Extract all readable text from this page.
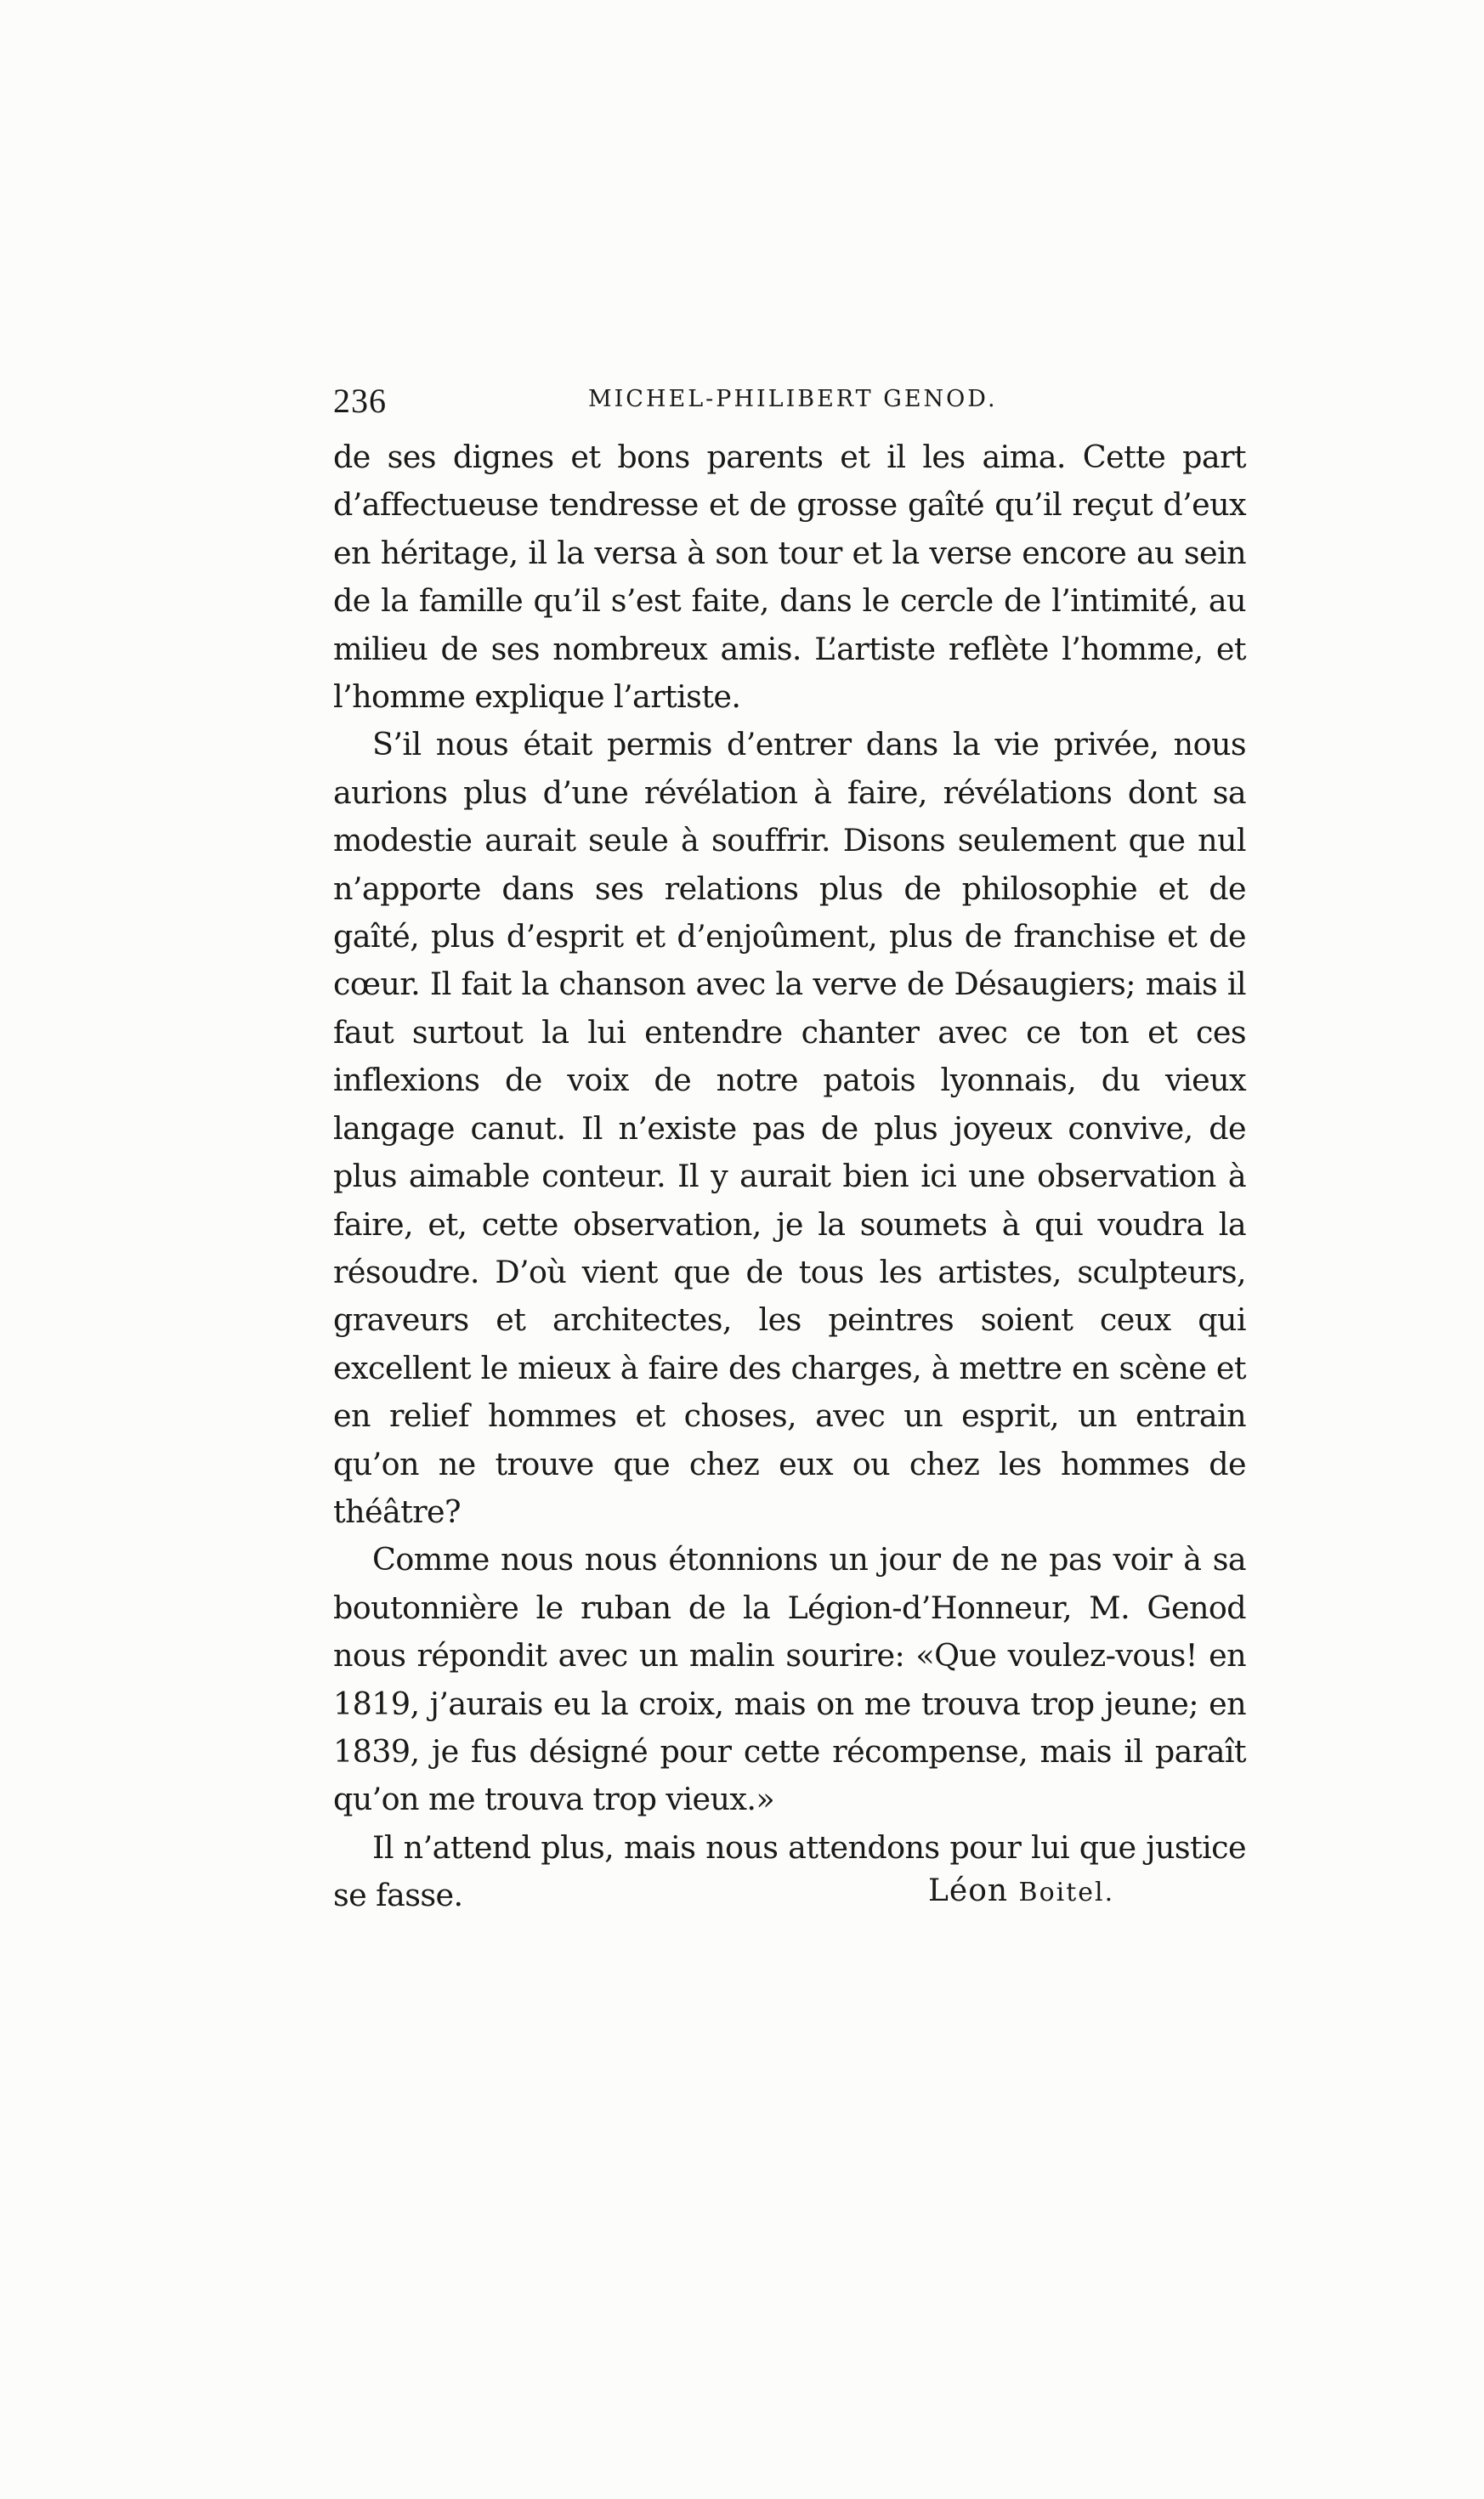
236	MICHEL-PHILIBERT GENOD.

de ses dignes et bons parents et il les aima. Cette part d’affectueuse tendresse et de grosse gaîté qu’il reçut d’eux en héritage, il la versa à son tour et la verse encore au sein de la famille qu’il s’est faite, dans le cercle de l’intimité, au milieu de ses nombreux amis. L’artiste reflète l’homme, et l’homme explique l’artiste.

S’il nous était permis d’entrer dans la vie privée, nous aurions plus d’une révélation à faire, révélations dont sa modestie aurait seule à souffrir. Disons seulement que nul n’apporte dans ses relations plus de philosophie et de gaîté, plus d’esprit et d’enjoûment, plus de franchise et de cœur. Il fait la chanson avec la verve de Désaugiers; mais il faut surtout la lui entendre chanter avec ce ton et ces inflexions de voix de notre patois lyonnais, du vieux langage canut. Il n’existe pas de plus joyeux convive, de plus aimable conteur. Il y aurait bien ici une observation à faire, et, cette observation, je la soumets à qui voudra la résoudre. D’où vient que de tous les artistes, sculpteurs, graveurs et architectes, les peintres soient ceux qui excellent le mieux à faire des charges, à mettre en scène et en relief hommes et choses, avec un esprit, un entrain qu’on ne trouve que chez eux ou chez les hommes de théâtre?

Comme nous nous étonnions un jour de ne pas voir à sa boutonnière le ruban de la Légion-d’Honneur, M. Genod nous répondit avec un malin sourire: «Que voulez-vous! en 1819, j’aurais eu la croix, mais on me trouva trop jeune; en 1839, je fus désigné pour cette récompense, mais il paraît qu’on me trouva trop vieux.»

Il n’attend plus, mais nous attendons pour lui que justice se fasse.	Léon Boitel.
